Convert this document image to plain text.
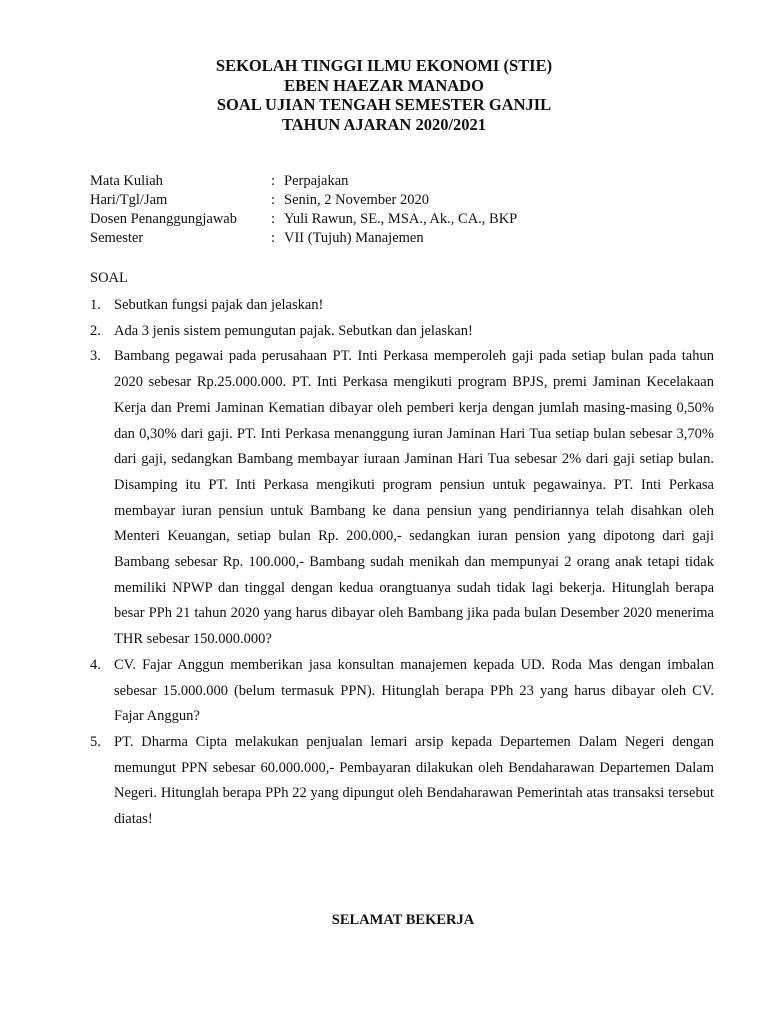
SEKOLAH TINGGI ILMU EKONOMI (STIE)
EBEN HAEZAR MANADO
SOAL UJIAN TENGAH SEMESTER GANJIL
TAHUN AJARAN 2020/2021
Mata Kuliah	: Perpajakan
Hari/Tgl/Jam	: Senin, 2 November 2020
Dosen Penanggungjawab	: Yuli Rawun, SE., MSA., Ak., CA., BKP
Semester	: VII (Tujuh) Manajemen
SOAL
1. Sebutkan fungsi pajak dan jelaskan!
2. Ada 3 jenis sistem pemungutan pajak. Sebutkan dan jelaskan!
3. Bambang pegawai pada perusahaan PT. Inti Perkasa memperoleh gaji pada setiap bulan pada tahun 2020 sebesar Rp.25.000.000. PT. Inti Perkasa mengikuti program BPJS, premi Jaminan Kecelakaan Kerja dan Premi Jaminan Kematian dibayar oleh pemberi kerja dengan jumlah masing-masing 0,50% dan 0,30% dari gaji. PT. Inti Perkasa menanggung iuran Jaminan Hari Tua setiap bulan sebesar 3,70% dari gaji, sedangkan Bambang membayar iuraan Jaminan Hari Tua sebesar 2% dari gaji setiap bulan. Disamping itu PT. Inti Perkasa mengikuti program pensiun untuk pegawainya. PT. Inti Perkasa membayar iuran pensiun untuk Bambang ke dana pensiun yang pendiriannya telah disahkan oleh Menteri Keuangan, setiap bulan Rp. 200.000,- sedangkan iuran pension yang dipotong dari gaji Bambang sebesar Rp. 100.000,- Bambang sudah menikah dan mempunyai 2 orang anak tetapi tidak memiliki NPWP dan tinggal dengan kedua orangtuanya sudah tidak lagi bekerja. Hitunglah berapa besar PPh 21 tahun 2020 yang harus dibayar oleh Bambang jika pada bulan Desember 2020 menerima THR sebesar 150.000.000?
4. CV. Fajar Anggun memberikan jasa konsultan manajemen kepada UD. Roda Mas dengan imbalan sebesar 15.000.000 (belum termasuk PPN). Hitunglah berapa PPh 23 yang harus dibayar oleh CV. Fajar Anggun?
5. PT. Dharma Cipta melakukan penjualan lemari arsip kepada Departemen Dalam Negeri dengan memungut PPN sebesar 60.000.000,- Pembayaran dilakukan oleh Bendaharawan Departemen Dalam Negeri. Hitunglah berapa PPh 22 yang dipungut oleh Bendaharawan Pemerintah atas transaksi tersebut diatas!
SELAMAT BEKERJA
